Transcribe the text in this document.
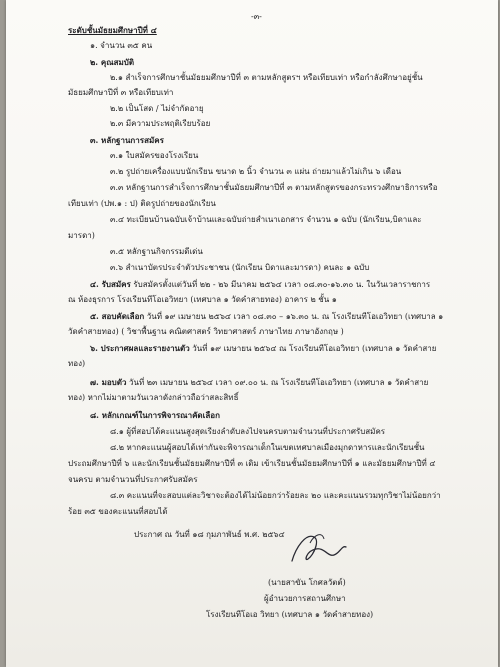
-๓-
ระดับชั้นมัธยมศึกษาปีที่ ๔
๑. จำนวน ๓๕ คน
๒. คุณสมบัติ
๒.๑ สำเร็จการศึกษาชั้นมัธยมศึกษาปีที่ ๓ ตามหลักสูตรฯ หรือเทียบเท่า หรือกำลังศึกษาอยู่ชั้น
มัธยมศึกษาปีที่ ๓ หรือเทียบเท่า
๒.๒ เป็นโสด / ไม่จำกัดอายุ
๒.๓ มีความประพฤติเรียบร้อย
๓. หลักฐานการสมัคร
๓.๑ ใบสมัครของโรงเรียน
๓.๒ รูปถ่ายเครื่องแบบนักเรียน ขนาด ๒ นิ้ว จำนวน ๓ แผ่น ถ่ายมาแล้วไม่เกิน ๖ เดือน
๓.๓ หลักฐานการสำเร็จการศึกษาชั้นมัธยมศึกษาปีที่ ๓ ตามหลักสูตรของกระทรวงศึกษาธิการหรือ
เทียบเท่า (ปพ.๑ : ป) ติดรูปถ่ายของนักเรียน
๓.๔ ทะเบียนบ้านฉบับเจ้าบ้านและฉบับถ่ายสำเนาเอกสาร จำนวน ๑ ฉบับ (นักเรียน,บิดาและ
มารดา)
๓.๕ หลักฐานกิจกรรมดีเด่น
๓.๖ สำเนาบัตรประจำตัวประชาชน (นักเรียน บิดาและมารดา) คนละ ๑ ฉบับ
๔. รับสมัคร รับสมัครตั้งแต่วันที่ ๒๒ - ๒๖ มีนาคม ๒๕๖๔ เวลา ๐๘.๓๐-๑๖.๓๐ น. ในวันเวลาราชการ
ณ ห้องธุรการ โรงเรียนทีโอเอวิทยา (เทศบาล ๑ วัดคำสายทอง) อาคาร ๒ ชั้น ๑
๕. สอบคัดเลือก วันที่ ๑๙ เมษายน ๒๕๖๔ เวลา ๐๘.๓๐ – ๑๖.๓๐ น. ณ โรงเรียนทีโอเอวิทยา (เทศบาล ๑
วัดคำสายทอง) ( วิชาพื้นฐาน คณิตศาสตร์ วิทยาศาสตร์ ภาษาไทย ภาษาอังกฤษ )
๖. ประกาศผลและรายงานตัว วันที่ ๑๙ เมษายน ๒๕๖๔ ณ โรงเรียนทีโอเอวิทยา (เทศบาล ๑ วัดคำสาย
ทอง)
๗. มอบตัว วันที่ ๒๓ เมษายน ๒๕๖๔ เวลา ๐๙.๐๐ น. ณ โรงเรียนทีโอเอวิทยา (เทศบาล ๑ วัดคำสาย
ทอง) หากไม่มาตามวันเวลาดังกล่าวถือว่าสละสิทธิ์
๘. หลักเกณฑ์ในการพิจารณาคัดเลือก
๘.๑ ผู้ที่สอบได้คะแนนสูงสุดเรียงลำดับลงไปจนครบตามจำนวนที่ประกาศรับสมัคร
๘.๒ หากคะแนนผู้สอบได้เท่ากันจะพิจารณาเด็กในเขตเทศบาลเมืองมุกดาหารและนักเรียนชั้น
ประถมศึกษาปีที่ ๖ และนักเรียนชั้นมัธยมศึกษาปีที่ ๓ เดิม เข้าเรียนชั้นมัธยมศึกษาปีที่ ๑ และมัธยมศึกษาปีที่ ๔
จนครบ ตามจำนวนที่ประกาศรับสมัคร
๘.๓ คะแนนที่จะสอบแต่ละวิชาจะต้องได้ไม่น้อยกว่าร้อยละ ๒๐ และคะแนนรวมทุกวิชาไม่น้อยกว่า
ร้อย ๓๕ ของคะแนนที่สอบได้
ประกาศ ณ วันที่ ๑๘ กุมภาพันธ์ พ.ศ. ๒๕๖๔
(นายสาขัน โกศลวัตต์)
ผู้อำนวยการสถานศึกษา
โรงเรียนทีโอเอ วิทยา (เทศบาล ๑ วัดคำสายทอง)
